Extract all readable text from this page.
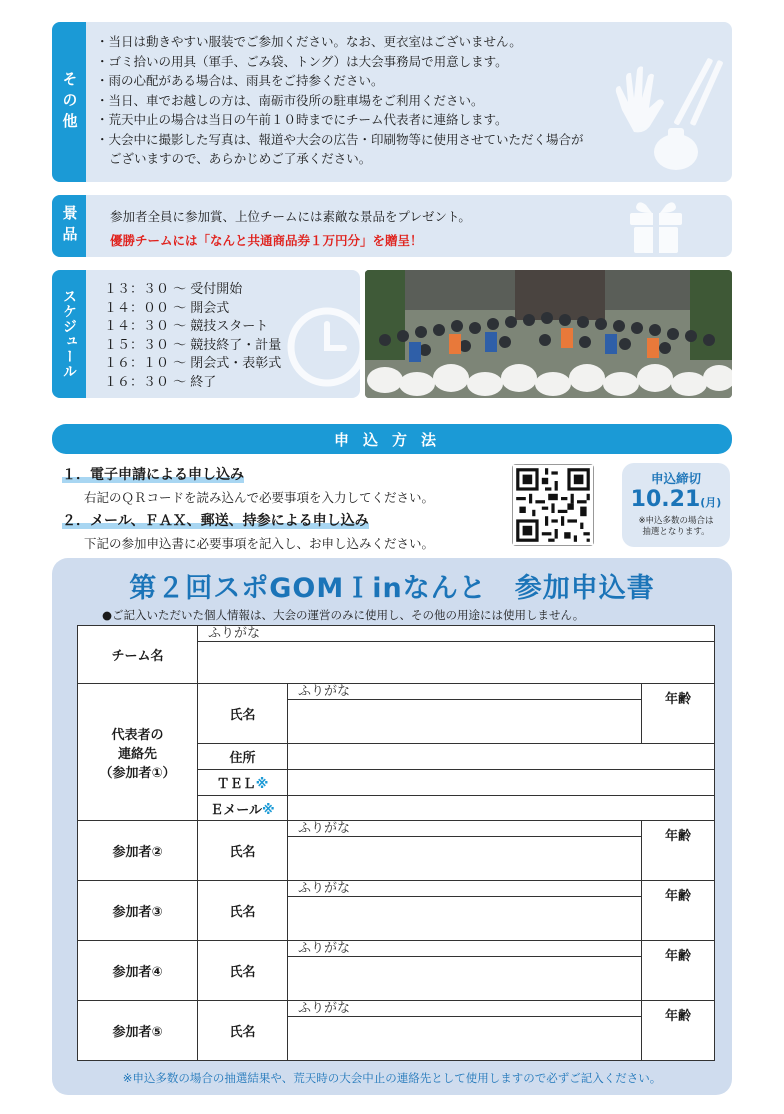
その他
・当日は動きやすい服装でご参加ください。なお、更衣室はございません。
・ゴミ拾いの用具（軍手、ごみ袋、トング）は大会事務局で用意します。
・雨の心配がある場合は、雨具をご持参ください。
・当日、車でお越しの方は、南砺市役所の駐車場をご利用ください。
・荒天中止の場合は当日の午前１０時までにチーム代表者に連絡します。
・大会中に撮影した写真は、報道や大会の広告・印刷物等に使用させていただく場合が
ございますので、あらかじめご了承ください。
景品	参加者全員に参加賞、上位チームには素敵な景品をプレゼント。
優勝チームには「なんと共通商品券１万円分」を贈呈！
スケジュール １３：３０ ～ 受付開始
１４：００ ～ 開会式
１４：３０ ～ 競技スタート
１５：３０ ～ 競技終了・計量
１６：１０ ～ 閉会式・表彰式
１６：３０ ～ 終了
申込方法
１．電子申請による申し込み
右記のＱＲコードを読み込んで必要事項を入力してください。
２．メール、ＦＡＸ、郵送、持参による申し込み
下記の参加申込書に必要事項を記入し、お申し込みください。
申込締切
10.21(月)
※申込多数の場合は
抽選となります。
第２回スポGOMＩinなんと　参加申込書
●ご記入いただいた個人情報は、大会の運営のみに使用し、その他の用途には使用しません。
チーム名	ふりがな		

代表者の
連絡先
（参加者①）	氏名	ふりがな	年齢

	住所		
	ＴＥＬ※		
	Ｅメール※		
参加者②	氏名	ふりがな	年齢

参加者③	氏名	ふりがな	年齢

参加者④	氏名	ふりがな	年齢

参加者⑤	氏名	ふりがな	年齢

※申込多数の場合の抽選結果や、荒天時の大会中止の連絡先として使用しますので必ずご記入ください。
